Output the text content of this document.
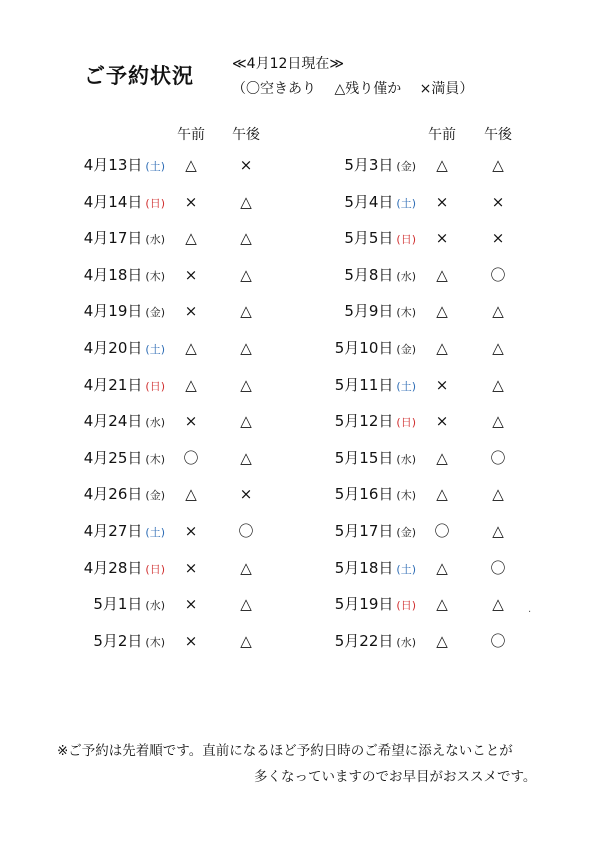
ご予約状況	≪4月12日現在≫
（〇空きあり　 △残り僅か　 ×満員）
午前	午後	午前	午後
4月13日 (土)	△	×
4月14日 (日)	×	△
4月17日 (水)	△	△
4月18日 (木)	×	△
4月19日 (金)	×	△
4月20日 (土)	△	△
4月21日 (日)	△	△
4月24日 (水)	×	△
4月25日 (木)	〇	△
4月26日 (金)	△	×
4月27日 (土)	×	〇
4月28日 (日)	×	△
5月1日 (水)	×	△
5月2日 (木)	×	△
5月3日 (金)	△	△
5月4日 (土)	×	×
5月5日 (日)	×	×
5月8日 (水)	△	〇
5月9日 (木)	△	△
5月10日 (金)	△	△
5月11日 (土)	×	△
5月12日 (日)	×	△
5月15日 (水)	△	〇
5月16日 (木)	△	△
5月17日 (金)	〇	△
5月18日 (土)	△	〇
5月19日 (日)	△	△
5月22日 (水)	△	〇
.
※ご予約は先着順です。直前になるほど予約日時のご希望に添えないことが
多くなっていますのでお早目がおススメです。
